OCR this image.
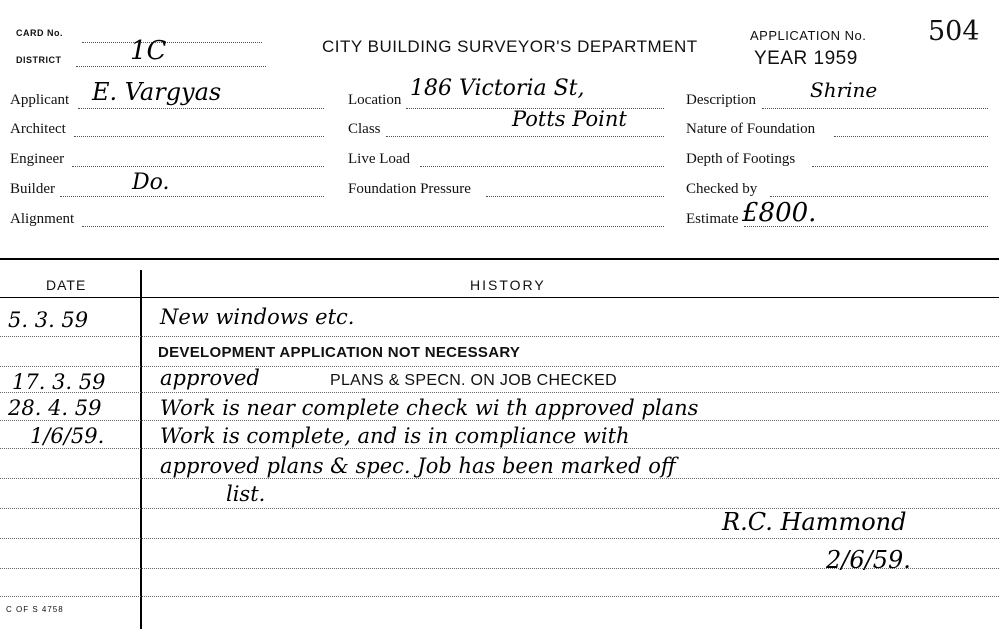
CARD No.
DISTRICT	1C	CITY BUILDING SURVEYOR'S DEPARTMENT
APPLICATION No. 504
YEAR 1959
Applicant E. Vargyas
Architect
Engineer
Builder	Do.
Alignment
Location 186 Victoria St,
Class	Potts Point
Live Load
Foundation Pressure
Description	Shrine
Nature of Foundation
Depth of Footings
Checked by
Estimate £800.
DATE	HISTORY
5. 3. 59	New windows etc.
DEVELOPMENT APPLICATION NOT NECESSARY
17. 3. 59	approved	PLANS & SPECN. ON JOB CHECKED
28. 4. 59	Work is near complete check wi th approved plans
1/6/59.	Work is complete, and is in compliance with
approved plans & spec. Job has been marked off
list.
R.C. Hammond
2/6/59.
C OF S 4758
